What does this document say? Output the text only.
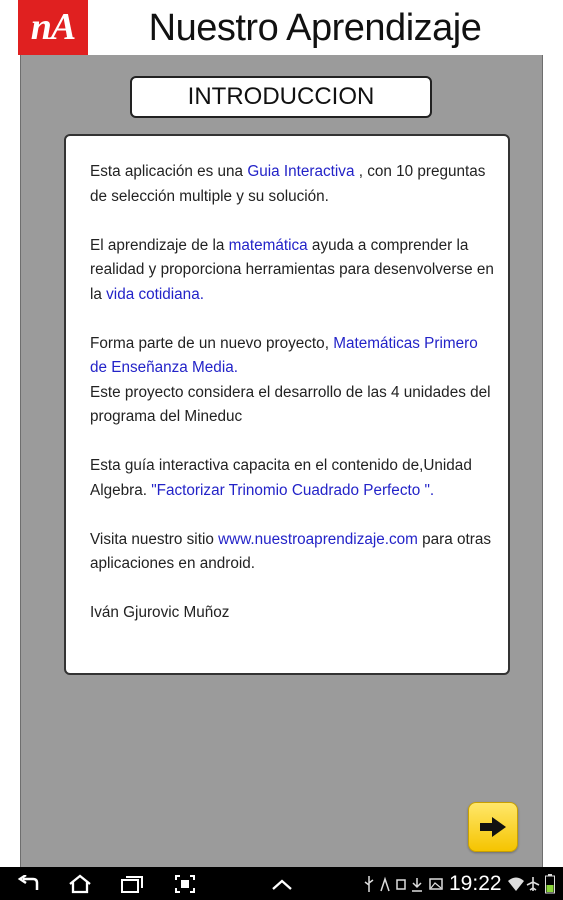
nA	Nuestro Aprendizaje
INTRODUCCION

Esta aplicación es una Guia Interactiva , con 10 preguntas de selección multiple y su solución.

El aprendizaje de la matemática ayuda a comprender la realidad y proporciona herramientas para desenvolverse en la vida cotidiana.

Forma parte de un nuevo proyecto, Matemáticas Primero de Enseñanza Media.
Este proyecto considera el desarrollo de las 4 unidades del programa del Mineduc

Esta guía interactiva capacita en el contenido de,Unidad Algebra. "Factorizar Trinomio Cuadrado Perfecto ".

Visita nuestro sitio www.nuestroaprendizaje.com para otras aplicaciones en android.

Iván Gjurovic Muñoz

19:22
